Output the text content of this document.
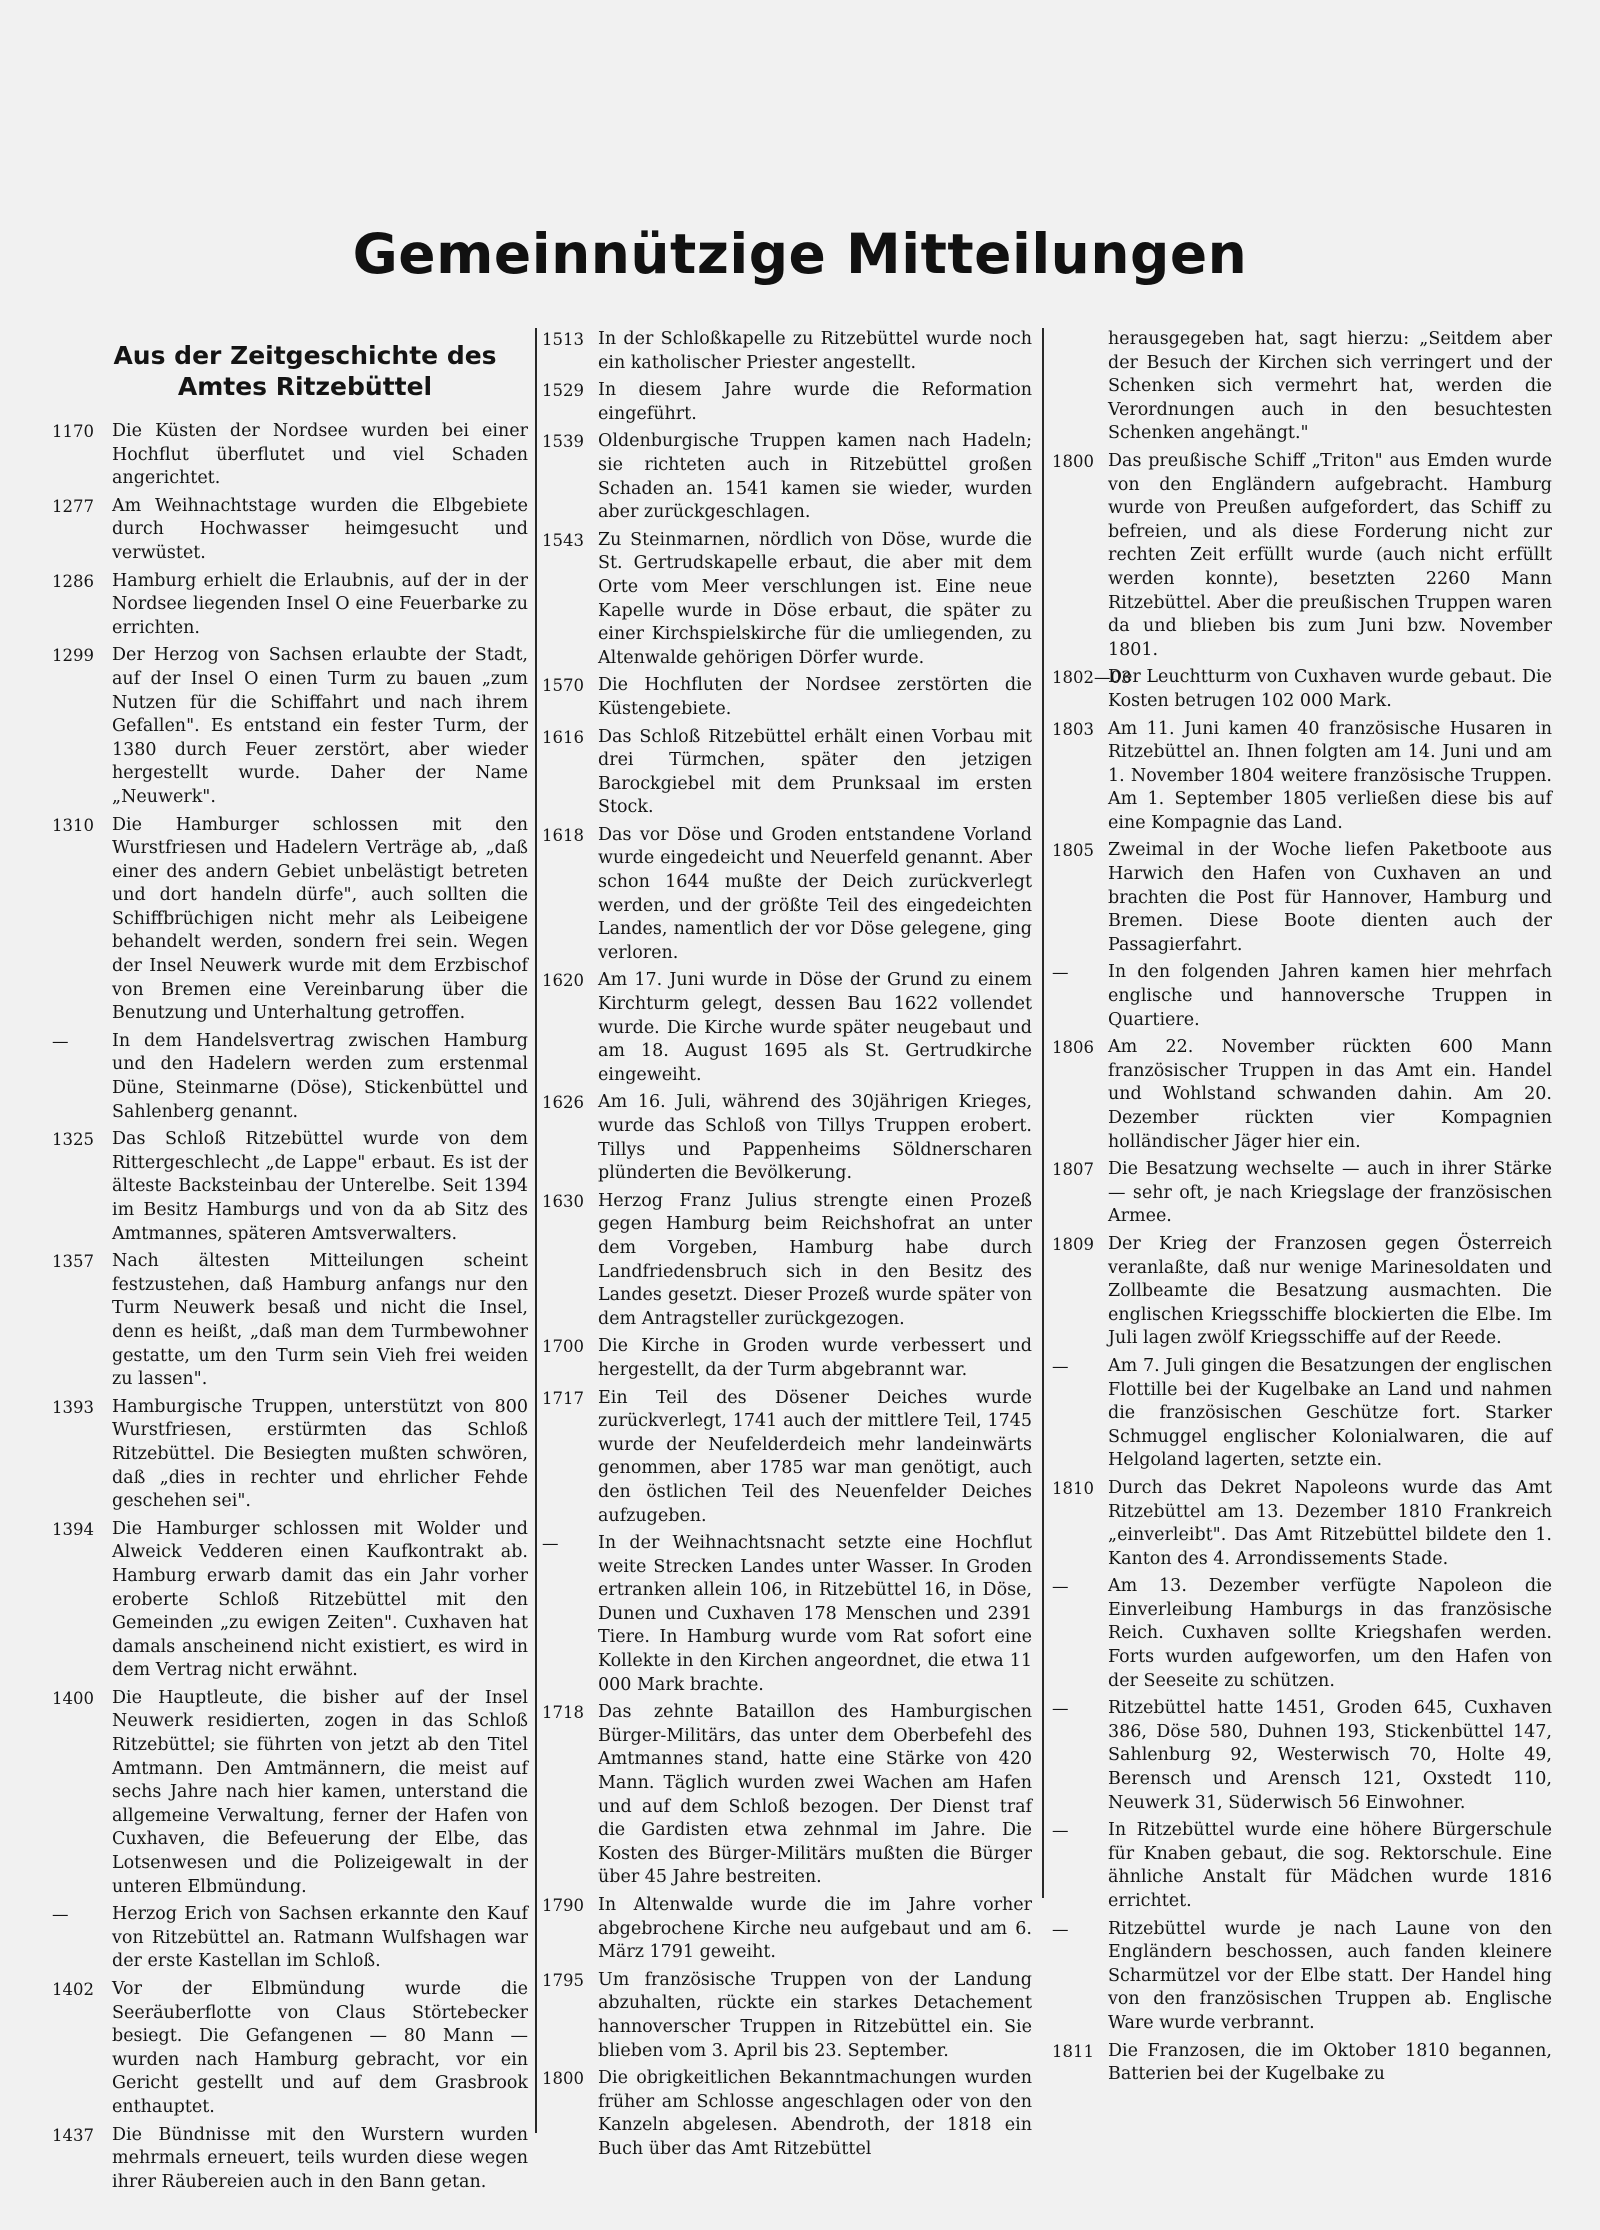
Gemeinnützige Mitteilungen
Aus der Zeitgeschichte des Amtes Ritzebüttel
1170 Die Küsten der Nordsee wurden bei einer Hochflut überflutet und viel Schaden angerichtet.
1277 Am Weihnachtstage wurden die Elbgebiete durch Hochwasser heimgesucht und verwüstet.
1286 Hamburg erhielt die Erlaubnis, auf der in der Nordsee liegenden Insel O eine Feuerbarke zu errichten.
1299 Der Herzog von Sachsen erlaubte der Stadt, auf der Insel O einen Turm zu bauen „zum Nutzen für die Schiffahrt und nach ihrem Gefallen". Es entstand ein fester Turm, der 1380 durch Feuer zerstört, aber wieder hergestellt wurde. Daher der Name „Neuwerk".
1310 Die Hamburger schlossen mit den Wurstfriesen und Hadelern Verträge ab, „daß einer des andern Gebiet unbelästigt betreten und dort handeln dürfe", auch sollten die Schiffbrüchigen nicht mehr als Leibeigene behandelt werden, sondern frei sein. Wegen der Insel Neuwerk wurde mit dem Erzbischof von Bremen eine Vereinbarung über die Benutzung und Unterhaltung getroffen.
— In dem Handelsvertrag zwischen Hamburg und den Hadelern werden zum erstenmal Düne, Steinmarne (Döse), Stickenbüttel und Sahlenberg genannt.
1325 Das Schloß Ritzebüttel wurde von dem Rittergeschlecht „de Lappe" erbaut. Es ist der älteste Backsteinbau der Unterelbe. Seit 1394 im Besitz Hamburgs und von da ab Sitz des Amtmannes, späteren Amtsverwalters.
1357 Nach ältesten Mitteilungen scheint festzustehen, daß Hamburg anfangs nur den Turm Neuwerk besaß und nicht die Insel, denn es heißt, „daß man dem Turmbewohner gestatte, um den Turm sein Vieh frei weiden zu lassen".
1393 Hamburgische Truppen, unterstützt von 800 Wurstfriesen, erstürmten das Schloß Ritzebüttel. Die Besiegten mußten schwören, daß „dies in rechter und ehrlicher Fehde geschehen sei".
1394 Die Hamburger schlossen mit Wolder und Alweick Vedderen einen Kaufkontrakt ab. Hamburg erwarb damit das ein Jahr vorher eroberte Schloß Ritzebüttel mit den Gemeinden „zu ewigen Zeiten". Cuxhaven hat damals anscheinend nicht existiert, es wird in dem Vertrag nicht erwähnt.
1400 Die Hauptleute, die bisher auf der Insel Neuwerk residierten, zogen in das Schloß Ritzebüttel; sie führten von jetzt ab den Titel Amtmann. Den Amtmännern, die meist auf sechs Jahre nach hier kamen, unterstand die allgemeine Verwaltung, ferner der Hafen von Cuxhaven, die Befeuerung der Elbe, das Lotsenwesen und die Polizeigewalt in der unteren Elbmündung.
— Herzog Erich von Sachsen erkannte den Kauf von Ritzebüttel an. Ratmann Wulfshagen war der erste Kastellan im Schloß.
1402 Vor der Elbmündung wurde die Seeräuberflotte von Claus Störtebecker besiegt. Die Gefangenen — 80 Mann — wurden nach Hamburg gebracht, vor ein Gericht gestellt und auf dem Grasbrook enthauptet.
1437 Die Bündnisse mit den Wurstern wurden mehrmals erneuert, teils wurden diese wegen ihrer Räubereien auch in den Bann getan.
1513 In der Schloßkapelle zu Ritzebüttel wurde noch ein katholischer Priester angestellt.
1529 In diesem Jahre wurde die Reformation eingeführt.
1539 Oldenburgische Truppen kamen nach Hadeln; sie richteten auch in Ritzebüttel großen Schaden an. 1541 kamen sie wieder, wurden aber zurückgeschlagen.
1543 Zu Steinmarnen, nördlich von Döse, wurde die St. Gertrudskapelle erbaut, die aber mit dem Orte vom Meer verschlungen ist. Eine neue Kapelle wurde in Döse erbaut, die später zu einer Kirchspielskirche für die umliegenden, zu Altenwalde gehörigen Dörfer wurde.
1570 Die Hochfluten der Nordsee zerstörten die Küstengebiete.
1616 Das Schloß Ritzebüttel erhält einen Vorbau mit drei Türmchen, später den jetzigen Barockgiebel mit dem Prunksaal im ersten Stock.
1618 Das vor Döse und Groden entstandene Vorland wurde eingedeicht und Neuerfeld genannt. Aber schon 1644 mußte der Deich zurückverlegt werden, und der größte Teil des eingedeichten Landes, namentlich der vor Döse gelegene, ging verloren.
1620 Am 17. Juni wurde in Döse der Grund zu einem Kirchturm gelegt, dessen Bau 1622 vollendet wurde. Die Kirche wurde später neugebaut und am 18. August 1695 als St. Gertrudkirche eingeweiht.
1626 Am 16. Juli, während des 30jährigen Krieges, wurde das Schloß von Tillys Truppen erobert. Tillys und Pappenheims Söldnerscharen plünderten die Bevölkerung.
1630 Herzog Franz Julius strengte einen Prozeß gegen Hamburg beim Reichshofrat an unter dem Vorgeben, Hamburg habe durch Landfriedensbruch sich in den Besitz des Landes gesetzt. Dieser Prozeß wurde später von dem Antragsteller zurückgezogen.
1700 Die Kirche in Groden wurde verbessert und hergestellt, da der Turm abgebrannt war.
1717 Ein Teil des Dösener Deiches wurde zurückverlegt, 1741 auch der mittlere Teil, 1745 wurde der Neufelderdeich mehr landeinwärts genommen, aber 1785 war man genötigt, auch den östlichen Teil des Neuenfelder Deiches aufzugeben.
— In der Weihnachtsnacht setzte eine Hochflut weite Strecken Landes unter Wasser. In Groden ertranken allein 106, in Ritzebüttel 16, in Döse, Dunen und Cuxhaven 178 Menschen und 2391 Tiere. In Hamburg wurde vom Rat sofort eine Kollekte in den Kirchen angeordnet, die etwa 11 000 Mark brachte.
1718 Das zehnte Bataillon des Hamburgischen Bürger-Militärs, das unter dem Oberbefehl des Amtmannes stand, hatte eine Stärke von 420 Mann. Täglich wurden zwei Wachen am Hafen und auf dem Schloß bezogen. Der Dienst traf die Gardisten etwa zehnmal im Jahre. Die Kosten des Bürger-Militärs mußten die Bürger über 45 Jahre bestreiten.
1790 In Altenwalde wurde die im Jahre vorher abgebrochene Kirche neu aufgebaut und am 6. März 1791 geweiht.
1795 Um französische Truppen von der Landung abzuhalten, rückte ein starkes Detachement hannoverscher Truppen in Ritzebüttel ein. Sie blieben vom 3. April bis 23. September.
1800 Die obrigkeitlichen Bekanntmachungen wurden früher am Schlosse angeschlagen oder von den Kanzeln abgelesen. Abendroth, der 1818 ein Buch über das Amt Ritzebüttel
herausgegeben hat, sagt hierzu: „Seitdem aber der Besuch der Kirchen sich verringert und der Schenken sich vermehrt hat, werden die Verordnungen auch in den besuchtesten Schenken angehängt."
1800 Das preußische Schiff „Triton" aus Emden wurde von den Engländern aufgebracht. Hamburg wurde von Preußen aufgefordert, das Schiff zu befreien, und als diese Forderung nicht zur rechten Zeit erfüllt wurde (auch nicht erfüllt werden konnte), besetzten 2260 Mann Ritzebüttel. Aber die preußischen Truppen waren da und blieben bis zum Juni bzw. November 1801.
1802—03
Der Leuchtturm von Cuxhaven wurde gebaut. Die Kosten betrugen 102 000 Mark.
1803 Am 11. Juni kamen 40 französische Husaren in Ritzebüttel an. Ihnen folgten am 14. Juni und am 1. November 1804 weitere französische Truppen. Am 1. September 1805 verließen diese bis auf eine Kompagnie das Land.
1805 Zweimal in der Woche liefen Paketboote aus Harwich den Hafen von Cuxhaven an und brachten die Post für Hannover, Hamburg und Bremen. Diese Boote dienten auch der Passagierfahrt.
— In den folgenden Jahren kamen hier mehrfach englische und hannoversche Truppen in Quartiere.
1806 Am 22. November rückten 600 Mann französischer Truppen in das Amt ein. Handel und Wohlstand schwanden dahin. Am 20. Dezember rückten vier Kompagnien holländischer Jäger hier ein.
1807 Die Besatzung wechselte — auch in ihrer Stärke — sehr oft, je nach Kriegslage der französischen Armee.
1809 Der Krieg der Franzosen gegen Österreich veranlaßte, daß nur wenige Marinesoldaten und Zollbeamte die Besatzung ausmachten. Die englischen Kriegsschiffe blockierten die Elbe. Im Juli lagen zwölf Kriegsschiffe auf der Reede.
— Am 7. Juli gingen die Besatzungen der englischen Flottille bei der Kugelbake an Land und nahmen die französischen Geschütze fort. Starker Schmuggel englischer Kolonialwaren, die auf Helgoland lagerten, setzte ein.
1810 Durch das Dekret Napoleons wurde das Amt Ritzebüttel am 13. Dezember 1810 Frankreich „einverleibt". Das Amt Ritzebüttel bildete den 1. Kanton des 4. Arrondissements Stade.
— Am 13. Dezember verfügte Napoleon die Einverleibung Hamburgs in das französische Reich. Cuxhaven sollte Kriegshafen werden. Forts wurden aufgeworfen, um den Hafen von der Seeseite zu schützen.
— Ritzebüttel hatte 1451, Groden 645, Cuxhaven 386, Döse 580, Duhnen 193, Stickenbüttel 147, Sahlenburg 92, Westerwisch 70, Holte 49, Berensch und Arensch 121, Oxstedt 110, Neuwerk 31, Süderwisch 56 Einwohner.
— In Ritzebüttel wurde eine höhere Bürgerschule für Knaben gebaut, die sog. Rektorschule. Eine ähnliche Anstalt für Mädchen wurde 1816 errichtet.
— Ritzebüttel wurde je nach Laune von den Engländern beschossen, auch fanden kleinere Scharmützel vor der Elbe statt. Der Handel hing von den französischen Truppen ab. Englische Ware wurde verbrannt.
1811 Die Franzosen, die im Oktober 1810 begannen, Batterien bei der Kugelbake zu
